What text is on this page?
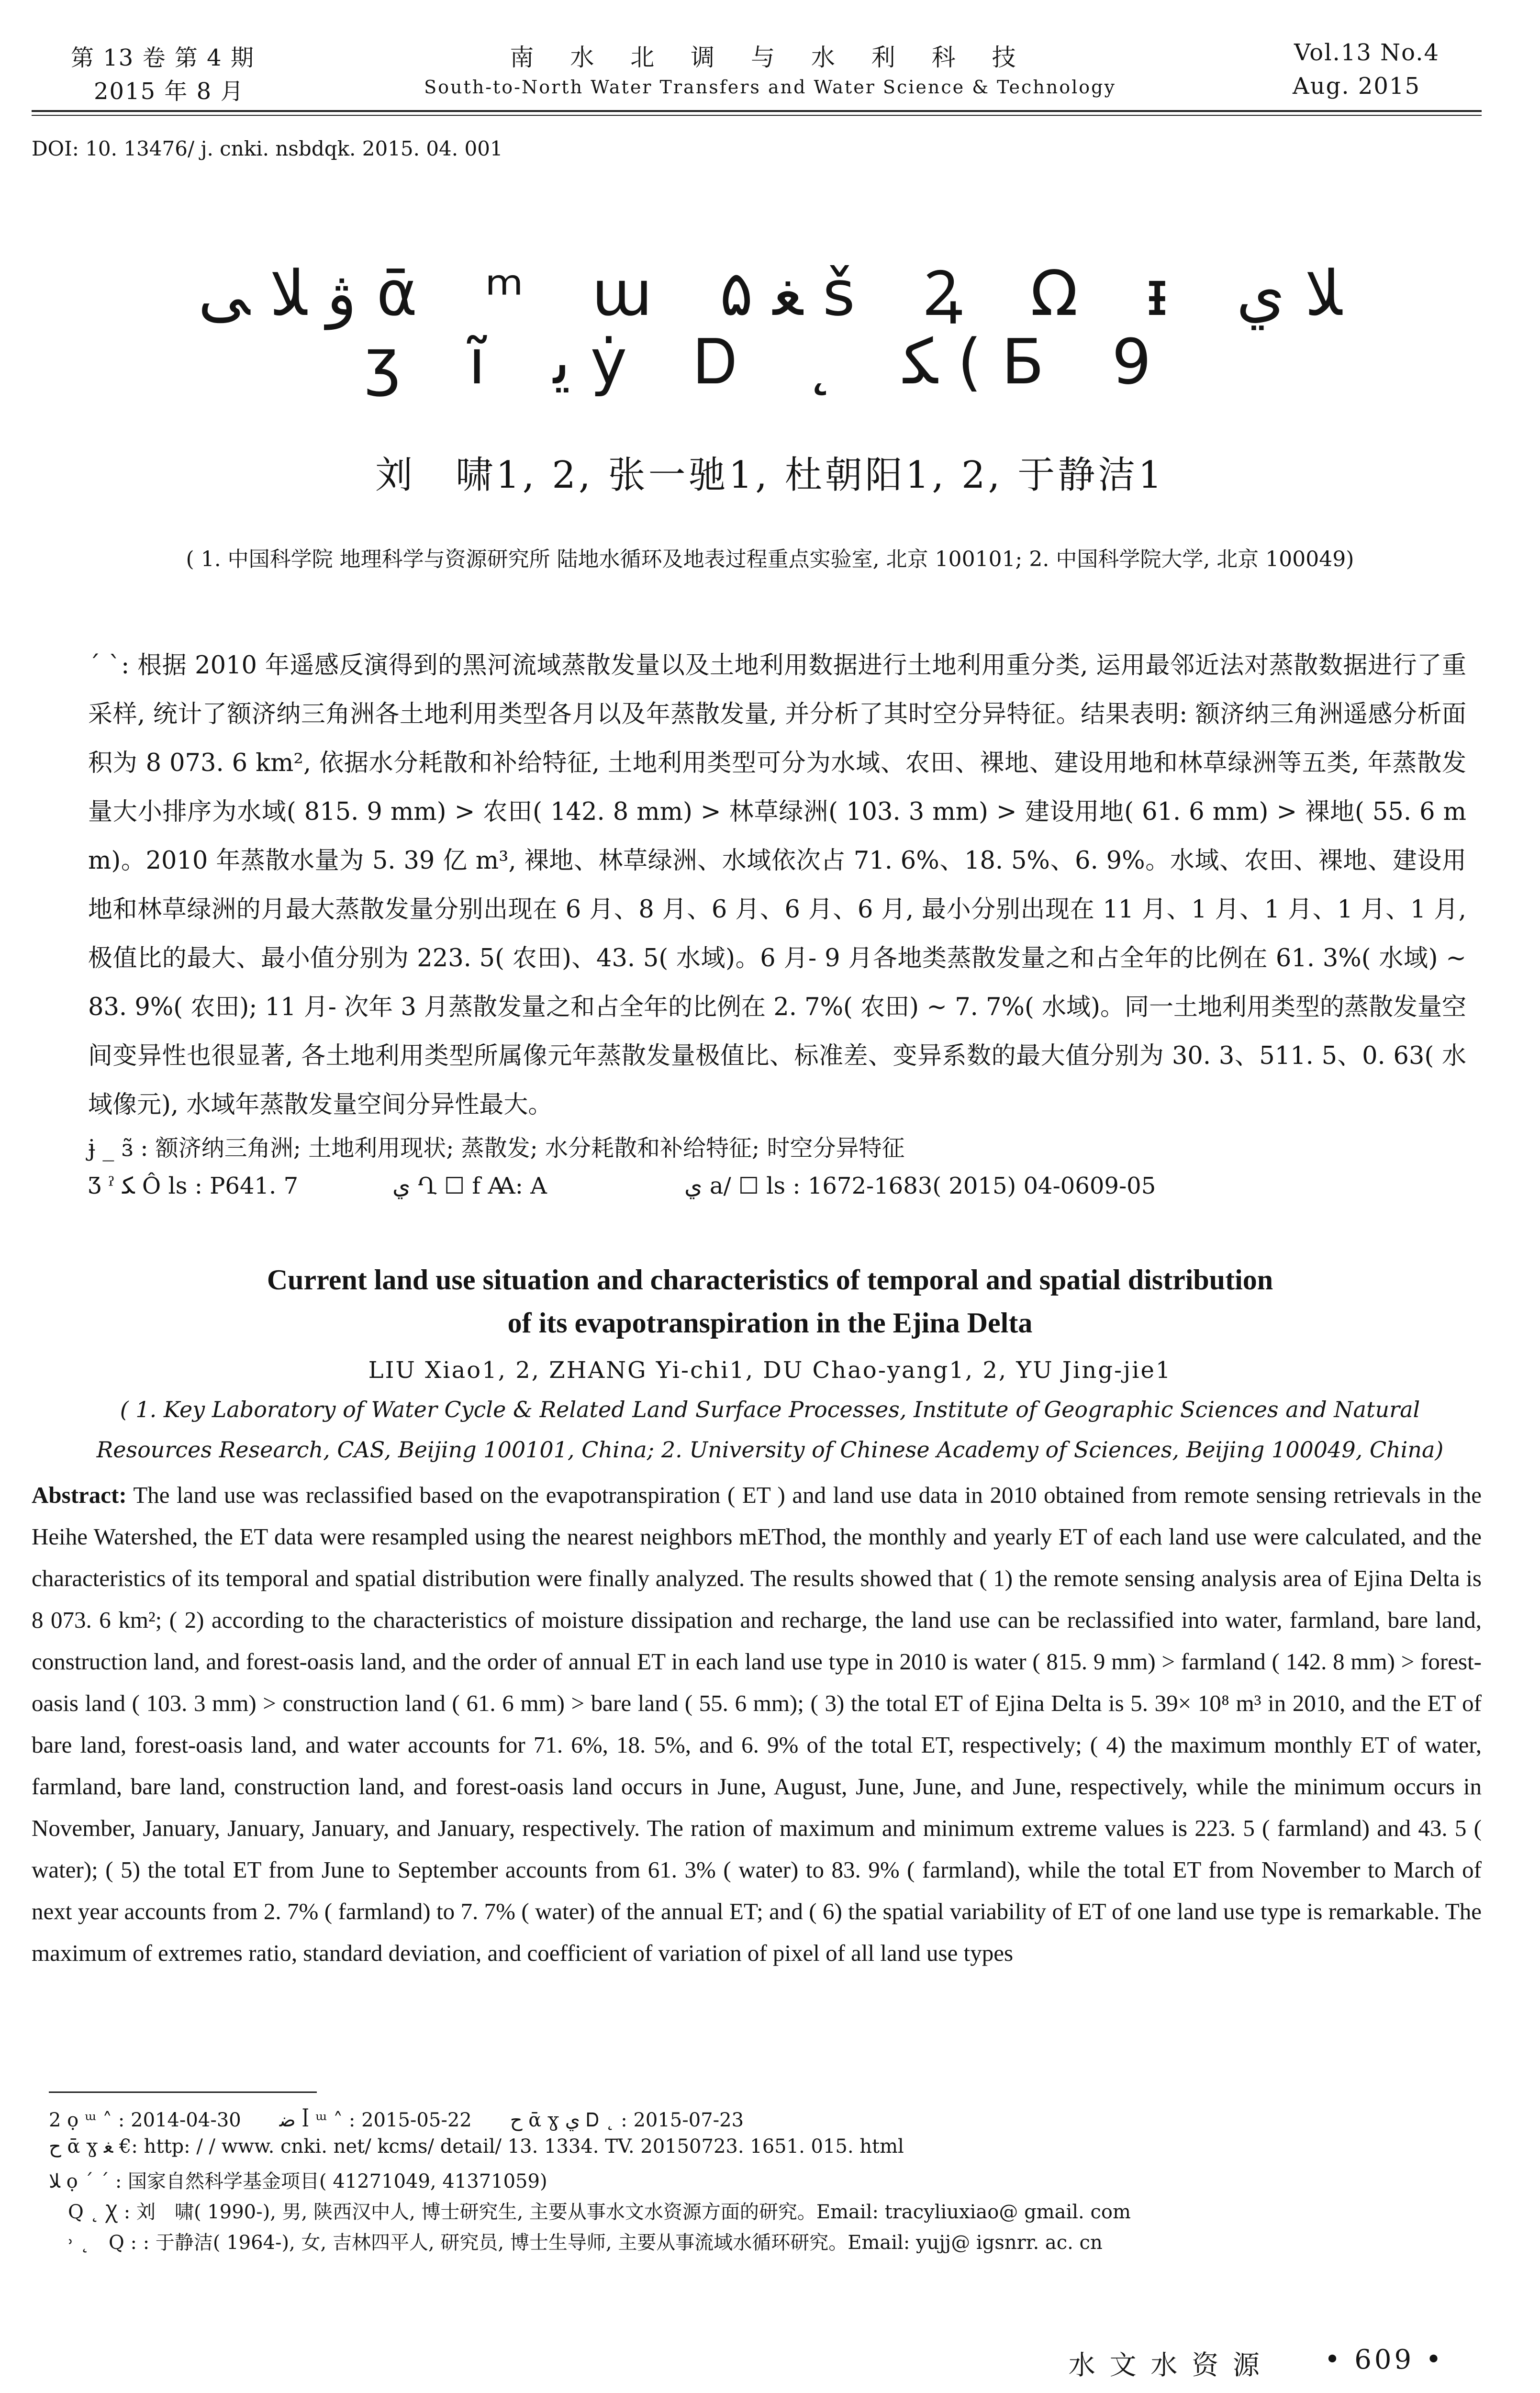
第 13 卷 第 4 期
2015 年 8 月
南 水 北 调 与 水 利 科 技
South-to-North Water Transfers and Water Science & Technology
Vol.13 No.4
Aug. 2015
DOI: 10. 13476/ j. cnki. nsbdqk. 2015. 04. 001
ۋ ﻼ ﯽ ᾱ ᵐ ɯ ۵ ﻐ š Ꝝ Ω ᵻ ﻼ ي
ʒ ĩ ﻳ ẏ Ꭰ ˛ ﮑ ( Б 9
刘　啸1, 2, 张一驰1, 杜朝阳1, 2, 于静洁1
( 1. 中国科学院 地理科学与资源研究所 陆地水循环及地表过程重点实验室, 北京 100101; 2. 中国科学院大学, 北京 100049)

ˊ ˋ: 根据 2010 年遥感反演得到的黑河流域蒸散发量以及土地利用数据进行土地利用重分类, 运用最邻近法对蒸散数据进行了重采样, 统计了额济纳三角洲各土地利用类型各月以及年蒸散发量, 并分析了其时空分异特征。结果表明: 额济纳三角洲遥感分析面积为 8 073. 6 km², 依据水分耗散和补给特征, 土地利用类型可分为水域、农田、裸地、建设用地和林草绿洲等五类, 年蒸散发量大小排序为水域( 815. 9 mm) > 农田( 142. 8 mm) > 林草绿洲( 103. 3 mm) > 建设用地( 61. 6 mm) > 裸地( 55. 6 mm)。2010 年蒸散水量为 5. 39 亿 m³, 裸地、林草绿洲、水域依次占 71. 6%、18. 5%、6. 9%。水域、农田、裸地、建设用地和林草绿洲的月最大蒸散发量分别出现在 6 月、8 月、6 月、6 月、6 月, 最小分别出现在 11 月、1 月、1 月、1 月、1 月, 极值比的最大、最小值分别为 223. 5( 农田)、43. 5( 水域)。6 月- 9 月各地类蒸散发量之和占全年的比例在 61. 3%( 水域) ~ 83. 9%( 农田); 11 月- 次年 3 月蒸散发量之和占全年的比例在 2. 7%( 农田) ~ 7. 7%( 水域)。同一土地利用类型的蒸散发量空间变异性也很显著, 各土地利用类型所属像元年蒸散发量极值比、标准差、变异系数的最大值分别为 30. 3、511. 5、0. 63( 水域像元), 水域年蒸散发量空间分异性最大。

ɉ _ ɜ̃ : 额济纳三角洲; 土地利用现状; 蒸散发; 水分耗散和补给特征; 时空分异特征
Ʒ ˀ ﮑ Ô ls : P641. 7	ي Ղ ☐ f Ꜳ: A	ي a/ ☐ ls : 1672-1683( 2015) 04-0609-05
Current land use situation and characteristics of temporal and spatial distribution
of its evapotranspiration in the Ejina Delta
LIU Xiao1, 2, ZHANG Yi-chi1, DU Chao-yang1, 2, YU Jing-jie1
( 1. Key Laboratory of Water Cycle & Related Land Surface Processes, Institute of Geographic Sciences and Natural
Resources Research, CAS, Beijing 100101, China; 2. University of Chinese Academy of Sciences, Beijing 100049, China)

Abstract: The land use was reclassified based on the evapotranspiration ( ET ) and land use data in 2010 obtained from remote sensing retrievals in the Heihe Watershed, the ET data were resampled using the nearest neighbors mEThod, the monthly and yearly ET of each land use were calculated, and the characteristics of its temporal and spatial distribution were finally analyzed. The results showed that ( 1) the remote sensing analysis area of Ejina Delta is 8 073. 6 km²; ( 2) according to the characteristics of moisture dissipation and recharge, the land use can be reclassified into water, farmland, bare land, construction land, and forest-oasis land, and the order of annual ET in each land use type in 2010 is water ( 815. 9 mm) > farmland ( 142. 8 mm) > forest-oasis land ( 103. 3 mm) > construction land ( 61. 6 mm) > bare land ( 55. 6 mm); ( 3) the total ET of Ejina Delta is 5. 39× 10⁸ m³ in 2010, and the ET of bare land, forest-oasis land, and water accounts for 71. 6%, 18. 5%, and 6. 9% of the total ET, respectively; ( 4) the maximum monthly ET of water, farmland, bare land, construction land, and forest-oasis land occurs in June, August, June, June, and June, respectively, while the minimum occurs in November, January, January, January, and January, respectively. The ration of maximum and minimum extreme values is 223. 5 ( farmland) and 43. 5 ( water); ( 5) the total ET from June to September accounts from 61. 3% ( water) to 83. 9% ( farmland), while the total ET from November to March of next year accounts from 2. 7% ( farmland) to 7. 7% ( water) of the annual ET; and ( 6) the spatial variability of ET of one land use type is remarkable. The maximum of extremes ratio, standard deviation, and coefficient of variation of pixel of all land use types

2 ọ ᵚ ˄ : 2014-04-30　　ﺿ ꟾ ᵚ ˄ : 2015-05-22　　ﺡ ᾱ ɣ ي Ꭰ ˛ : 2015-07-23
ﺡ ᾱ ɣ ﻐ €: http: / / www. cnki. net/ kcms/ detail/ 13. 1334. TV. 20150723. 1651. 015. html
ﻼ ọ ˊ ˊ : 国家自然科学基金项目( 41271049, 41371059)
　Q ˛ Ꭓ : 刘　啸( 1990-), 男, 陕西汉中人, 博士研究生, 主要从事水文水资源方面的研究。Email: tracyliuxiao@ gmail. com
　˒ ˛　Q : : 于静洁( 1964-), 女, 吉林四平人, 研究员, 博士生导师, 主要从事流域水循环研究。Email: yujj@ igsnrr. ac. cn
水 文 水 资 源 • 609 •
